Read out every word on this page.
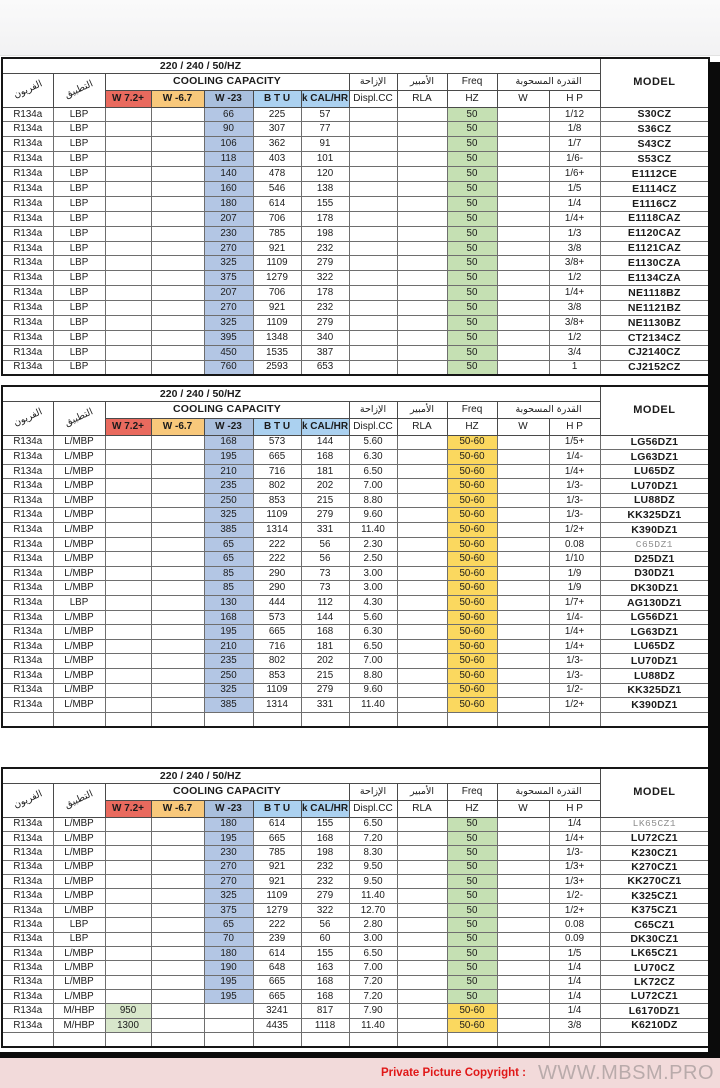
220 / 240 / 50/HZ												MODEL
الفريون	التطبيق	COOLING CAPACITY					الإزاحة	الأمبير	Freq	القدرة المسحوبة		
		W 7.2+	W -6.7	W -23	B T U	k CAL/HR	Displ.CC	RLA	HZ	W	H P	
R134a	LBP			66	225	57			50		1/12	S30CZ
R134a	LBP			90	307	77			50		1/8	S36CZ
R134a	LBP			106	362	91			50		1/7	S43CZ
R134a	LBP			118	403	101			50		1/6-	S53CZ
R134a	LBP			140	478	120			50		1/6+	E1112CE
R134a	LBP			160	546	138			50		1/5	E1114CZ
R134a	LBP			180	614	155			50		1/4	E1116CZ
R134a	LBP			207	706	178			50		1/4+	E1118CAZ
R134a	LBP			230	785	198			50		1/3	E1120CAZ
R134a	LBP			270	921	232			50		3/8	E1121CAZ
R134a	LBP			325	1109	279			50		3/8+	E1130CZA
R134a	LBP			375	1279	322			50		1/2	E1134CZA
R134a	LBP			207	706	178			50		1/4+	NE1118BZ
R134a	LBP			270	921	232			50		3/8	NE1121BZ
R134a	LBP			325	1109	279			50		3/8+	NE1130BZ
R134a	LBP			395	1348	340			50		1/2	CT2134CZ
R134a	LBP			450	1535	387			50		3/4	CJ2140CZ
R134a	LBP			760	2593	653			50		1	CJ2152CZ
220 / 240 / 50/HZ												MODEL
الفريون	التطبيق	COOLING CAPACITY					الإزاحة	الأمبير	Freq	القدرة المسحوبة		
		W 7.2+	W -6.7	W -23	B T U	k CAL/HR	Displ.CC	RLA	HZ	W	H P	
R134a	L/MBP			168	573	144	5.60		50-60		1/5+	LG56DZ1
R134a	L/MBP			195	665	168	6.30		50-60		1/4-	LG63DZ1
R134a	L/MBP			210	716	181	6.50		50-60		1/4+	LU65DZ
R134a	L/MBP			235	802	202	7.00		50-60		1/3-	LU70DZ1
R134a	L/MBP			250	853	215	8.80		50-60		1/3-	LU88DZ
R134a	L/MBP			325	1109	279	9.60		50-60		1/3-	KK325DZ1
R134a	L/MBP			385	1314	331	11.40		50-60		1/2+	K390DZ1
R134a	L/MBP			65	222	56	2.30		50-60		0.08	C65DZ1
R134a	L/MBP			65	222	56	2.50		50-60		1/10	D25DZ1
R134a	L/MBP			85	290	73	3.00		50-60		1/9	D30DZ1
R134a	L/MBP			85	290	73	3.00		50-60		1/9	DK30DZ1
R134a	LBP			130	444	112	4.30		50-60		1/7+	AG130DZ1
R134a	L/MBP			168	573	144	5.60		50-60		1/4-	LG56DZ1
R134a	L/MBP			195	665	168	6.30		50-60		1/4+	LG63DZ1
R134a	L/MBP			210	716	181	6.50		50-60		1/4+	LU65DZ
R134a	L/MBP			235	802	202	7.00		50-60		1/3-	LU70DZ1
R134a	L/MBP			250	853	215	8.80		50-60		1/3-	LU88DZ
R134a	L/MBP			325	1109	279	9.60		50-60		1/2-	KK325DZ1
R134a	L/MBP			385	1314	331	11.40		50-60		1/2+	K390DZ1

220 / 240 / 50/HZ												MODEL
الفريون	التطبيق	COOLING CAPACITY					الإزاحة	الأمبير	Freq	القدرة المسحوبة		
		W 7.2+	W -6.7	W -23	B T U	k CAL/HR	Displ.CC	RLA	HZ	W	H P	
R134a	L/MBP			180	614	155	6.50		50		1/4	LK65CZ1
R134a	L/MBP			195	665	168	7.20		50		1/4+	LU72CZ1
R134a	L/MBP			230	785	198	8.30		50		1/3-	K230CZ1
R134a	L/MBP			270	921	232	9.50		50		1/3+	K270CZ1
R134a	L/MBP			270	921	232	9.50		50		1/3+	KK270CZ1
R134a	L/MBP			325	1109	279	11.40		50		1/2-	K325CZ1
R134a	L/MBP			375	1279	322	12.70		50		1/2+	K375CZ1
R134a	LBP			65	222	56	2.80		50		0.08	C65CZ1
R134a	LBP			70	239	60	3.00		50		0.09	DK30CZ1
R134a	L/MBP			180	614	155	6.50		50		1/5	LK65CZ1
R134a	L/MBP			190	648	163	7.00		50		1/4	LU70CZ
R134a	L/MBP			195	665	168	7.20		50		1/4	LK72CZ
R134a	L/MBP			195	665	168	7.20		50		1/4	LU72CZ1
R134a	M/HBP	950			3241	817	7.90		50-60		1/4	L6170DZ1
R134a	M/HBP	1300			4435	1118	11.40		50-60		3/8	K6210DZ

Private Picture Copyright : WWW.MBSM.PRO
